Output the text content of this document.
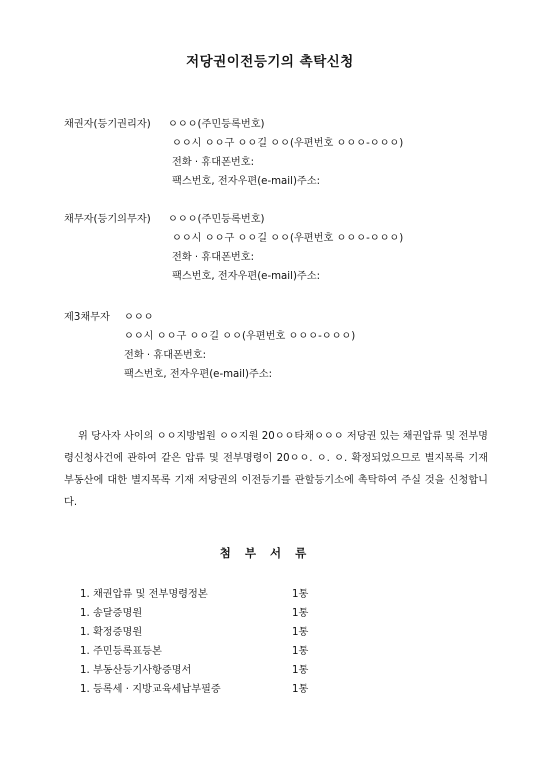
저당권이전등기의 촉탁신청
채권자(등기권리자) ㅇㅇㅇ(주민등록번호)
ㅇㅇ시 ㅇㅇ구 ㅇㅇ길 ㅇㅇ(우편번호 ㅇㅇㅇ-ㅇㅇㅇ)
전화 · 휴대폰번호:
팩스번호, 전자우편(e-mail)주소:
채무자(등기의무자) ㅇㅇㅇ(주민등록번호)
ㅇㅇ시 ㅇㅇ구 ㅇㅇ길 ㅇㅇ(우편번호 ㅇㅇㅇ-ㅇㅇㅇ)
전화 · 휴대폰번호:
팩스번호, 전자우편(e-mail)주소:
제3채무자 ㅇㅇㅇ
ㅇㅇ시 ㅇㅇ구 ㅇㅇ길 ㅇㅇ(우편번호 ㅇㅇㅇ-ㅇㅇㅇ)
전화 · 휴대폰번호:
팩스번호, 전자우편(e-mail)주소:
위 당사자 사이의 ㅇㅇ지방법원 ㅇㅇ지원 20ㅇㅇ타채ㅇㅇㅇ 저당권 있는 채권압류 및 전부명령신청사건에 관하여 같은 압류 및 전부명령이 20ㅇㅇ. ㅇ. ㅇ. 확정되었으므로 별지목록 기재 부동산에 대한 별지목록 기재 저당권의 이전등기를 관할등기소에 촉탁하여 주실 것을 신청합니다.
첨부서류
1. 채권압류 및 전부명령정본	1통
1. 송달증명원	1통
1. 확정증명원	1통
1. 주민등록표등본	1통
1. 부동산등기사항증명서	1통
1. 등록세 · 지방교육세납부필증	1통
